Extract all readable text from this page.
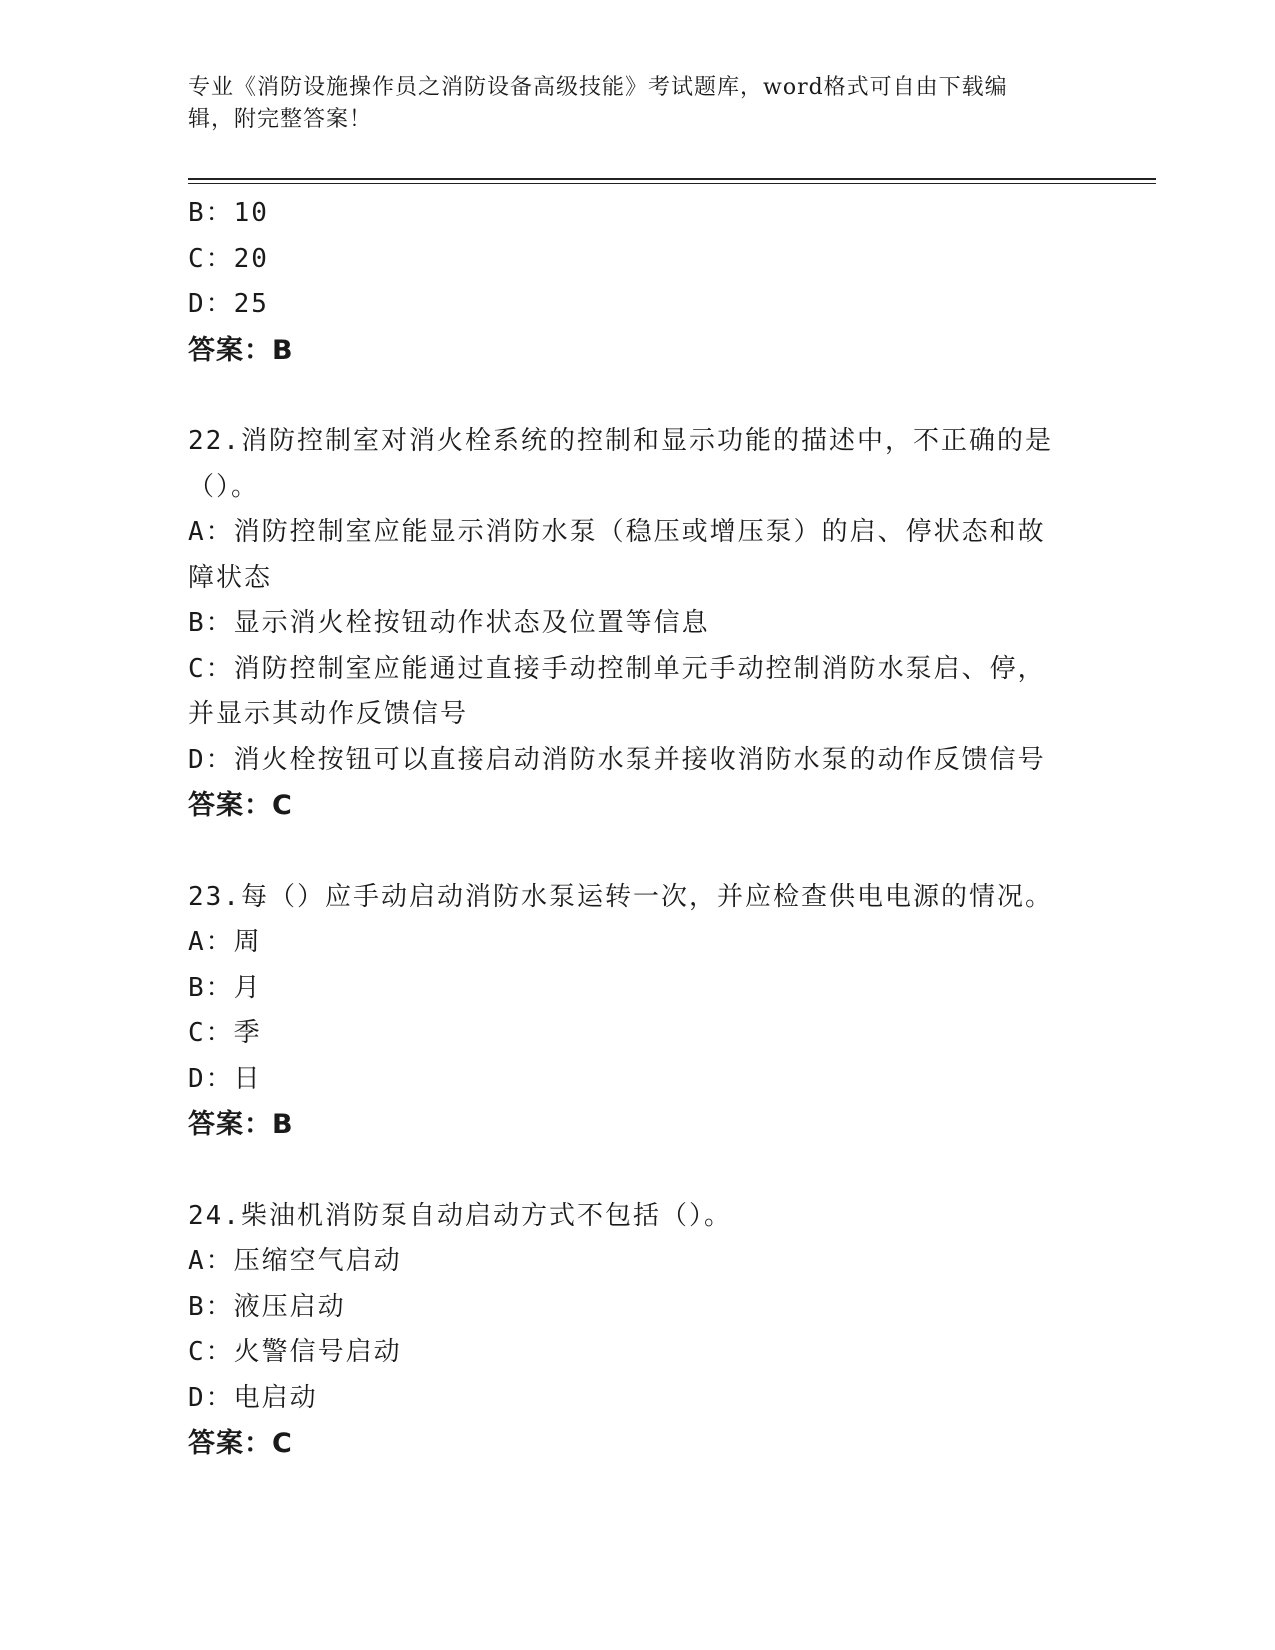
专业《消防设施操作员之消防设备高级技能》考试题库，word格式可自由下载编
辑，附完整答案！
B：10
C：20
D：25
答案：B
22.消防控制室对消火栓系统的控制和显示功能的描述中，不正确的是
（）。
A：消防控制室应能显示消防水泵（稳压或增压泵）的启、停状态和故
障状态
B：显示消火栓按钮动作状态及位置等信息
C：消防控制室应能通过直接手动控制单元手动控制消防水泵启、停，
并显示其动作反馈信号
D：消火栓按钮可以直接启动消防水泵并接收消防水泵的动作反馈信号
答案：C
23.每（）应手动启动消防水泵运转一次，并应检查供电电源的情况。
A：周
B：月
C：季
D：日
答案：B
24.柴油机消防泵自动启动方式不包括（）。
A：压缩空气启动
B：液压启动
C：火警信号启动
D：电启动
答案：C
